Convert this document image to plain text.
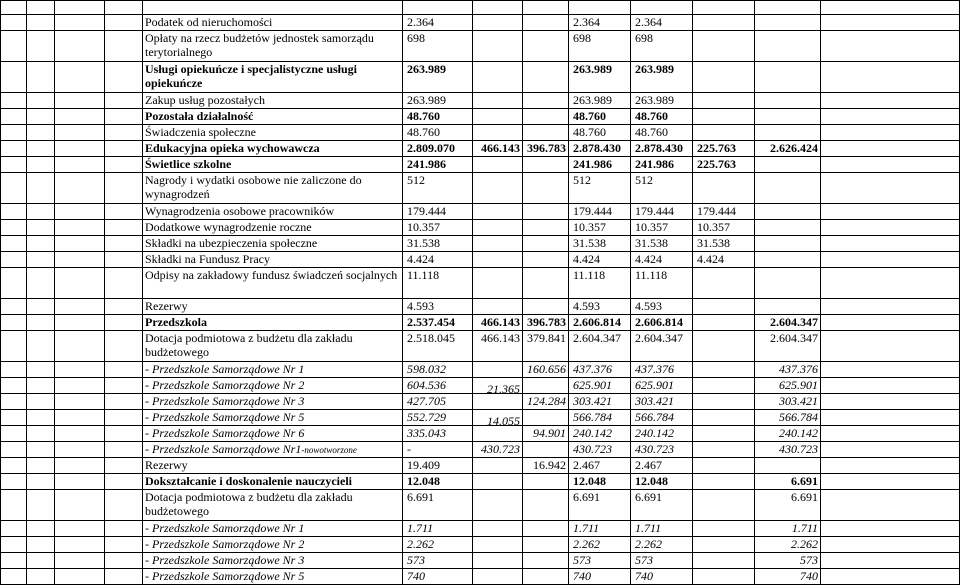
				Podatek od nieruchomości	2.364			2.364	2.364			
				Opłaty na rzecz budżetów jednostek samorządu terytorialnego	698			698	698			
				Usługi opiekuńcze i specjalistyczne usługi opiekuńcze	263.989			263.989	263.989			
				Zakup usług pozostałych	263.989			263.989	263.989			
				Pozostała działalność	48.760			48.760	48.760			
				Świadczenia społeczne	48.760			48.760	48.760			
				Edukacyjna opieka wychowawcza	2.809.070	466.143	396.783	2.878.430	2.878.430	225.763	2.626.424	
				Świetlice szkolne	241.986			241.986	241.986	225.763		
				Nagrody i wydatki osobowe nie zaliczone do wynagrodzeń	512			512	512			
				Wynagrodzenia osobowe pracowników	179.444			179.444	179.444	179.444		
				Dodatkowe wynagrodzenie roczne	10.357			10.357	10.357	10.357		
				Składki na ubezpieczenia społeczne	31.538			31.538	31.538	31.538		
				Składki na Fundusz Pracy	4.424			4.424	4.424	4.424		
				Odpisy na zakładowy fundusz świadczeń socjalnych	11.118			11.118	11.118			
				Rezerwy	4.593			4.593	4.593			
				Przedszkola	2.537.454	466.143	396.783	2.606.814	2.606.814		2.604.347	
				Dotacja podmiotowa z budżetu dla zakładu budżetowego	2.518.045	466.143	379.841	2.604.347	2.604.347		2.604.347	
				- Przedszkole Samorządowe Nr 1	598.032		160.656	437.376	437.376		437.376	
				- Przedszkole Samorządowe Nr 2	604.536	21.365		625.901	625.901		625.901	
				- Przedszkole Samorządowe Nr 3	427.705		124.284	303.421	303.421		303.421	
				- Przedszkole Samorządowe Nr 5	552.729	14.055		566.784	566.784		566.784	
				- Przedszkole Samorządowe Nr 6	335.043		94.901	240.142	240.142		240.142	
				- Przedszkole Samorządowe Nr1-nowotworzone	-	430.723		430.723	430.723		430.723	
				Rezerwy	19.409		16.942	2.467	2.467			
				Dokształcanie i doskonalenie nauczycieli	12.048			12.048	12.048		6.691	
				Dotacja podmiotowa z budżetu dla zakładu budżetowego	6.691			6.691	6.691		6.691	
				- Przedszkole Samorządowe Nr 1	1.711			1.711	1.711		1.711	
				- Przedszkole Samorządowe Nr 2	2.262			2.262	2.262		2.262	
				- Przedszkole Samorządowe Nr 3	573			573	573		573	
				- Przedszkole Samorządowe Nr 5	740			740	740		740	
